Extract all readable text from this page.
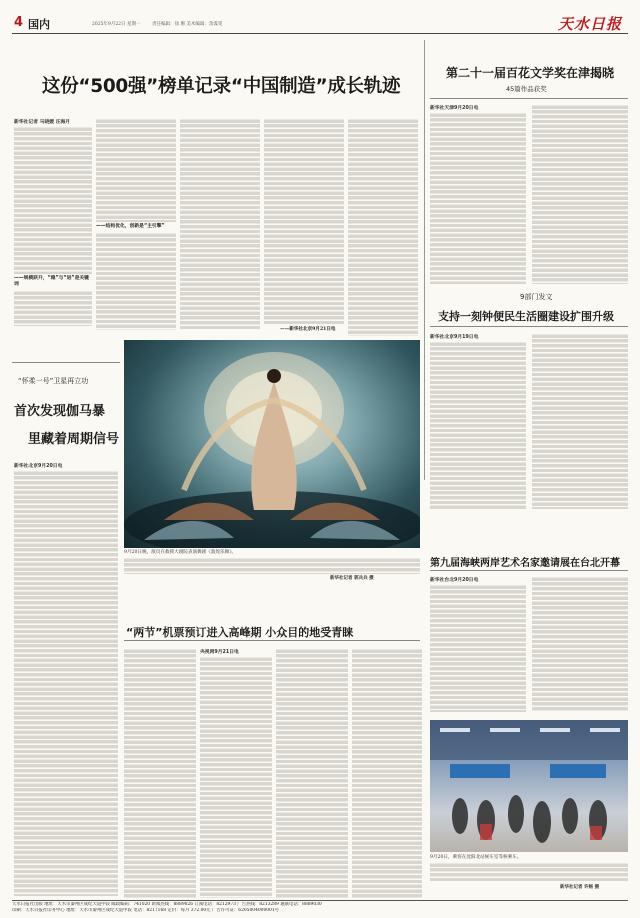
4 国内	2025年9月22日 星期一	责任编辑：徐 珊 美术编辑：余霁雯	天水日报
这份“500强”榜单记录“中国制造”成长轨迹
新华社记者 马晓媛 汪海月
——规模跃升，“稳”与“进”是关键词
——结构优化，创新是“主引擎”
——新华社北京9月21日电
第二十一届百花文学奖在津揭晓
45篇作品获奖
新华社天津9月20日电
9部门发文
支持一刻钟便民生活圈建设扩围升级
新华社北京9月19日电
“怀柔一号”卫星再立功
首次发现伽马暴
里藏着周期信号
新华社北京9月20日电
9月20日晚，演员在救援大剧院表演舞剧《敦煌乐舞》。
新华社记者 郭兵兵 摄
第九届海峡两岸艺术名家邀请展在台北开幕
新华社台北9月20日电
“两节”机票预订进入高峰期 小众目的地受青睐
央视网9月21日电
9月20日，乘客在沈阳北站候车室等候乘车。
新华社记者 许畅 摄
天水日报社出版 地址：天水市秦州区成纪大道中段 邮政编码：741020 新闻热线：8889026 订阅电话：8212973 广告热线：8213289 通联电话：8889030
印刷：天水日报社印务中心 地址：天水市秦州区成纪大道中段 电话：8217168 定价：每月 372.00元 广告许可证：6205004000001号
